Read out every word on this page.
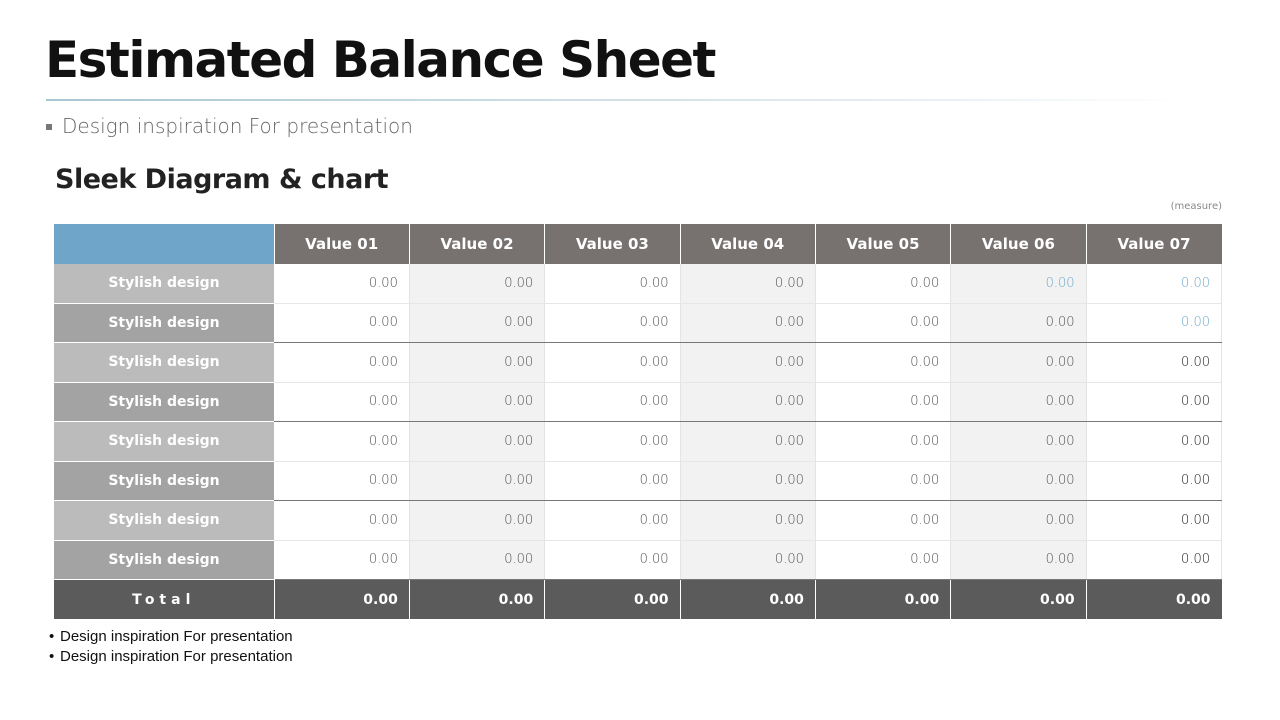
Estimated Balance Sheet
Design inspiration For presentation
Sleek Diagram & chart
(measure)
	Value 01	Value 02	Value 03	Value 04	Value 05	Value 06	Value 07
Stylish design	0.00	0.00	0.00	0.00	0.00	0.00	0.00
Stylish design	0.00	0.00	0.00	0.00	0.00	0.00	0.00
Stylish design	0.00	0.00	0.00	0.00	0.00	0.00	0.00
Stylish design	0.00	0.00	0.00	0.00	0.00	0.00	0.00
Stylish design	0.00	0.00	0.00	0.00	0.00	0.00	0.00
Stylish design	0.00	0.00	0.00	0.00	0.00	0.00	0.00
Stylish design	0.00	0.00	0.00	0.00	0.00	0.00	0.00
Stylish design	0.00	0.00	0.00	0.00	0.00	0.00	0.00
Total	0.00	0.00	0.00	0.00	0.00	0.00	0.00
• Design inspiration For presentation
• Design inspiration For presentation
